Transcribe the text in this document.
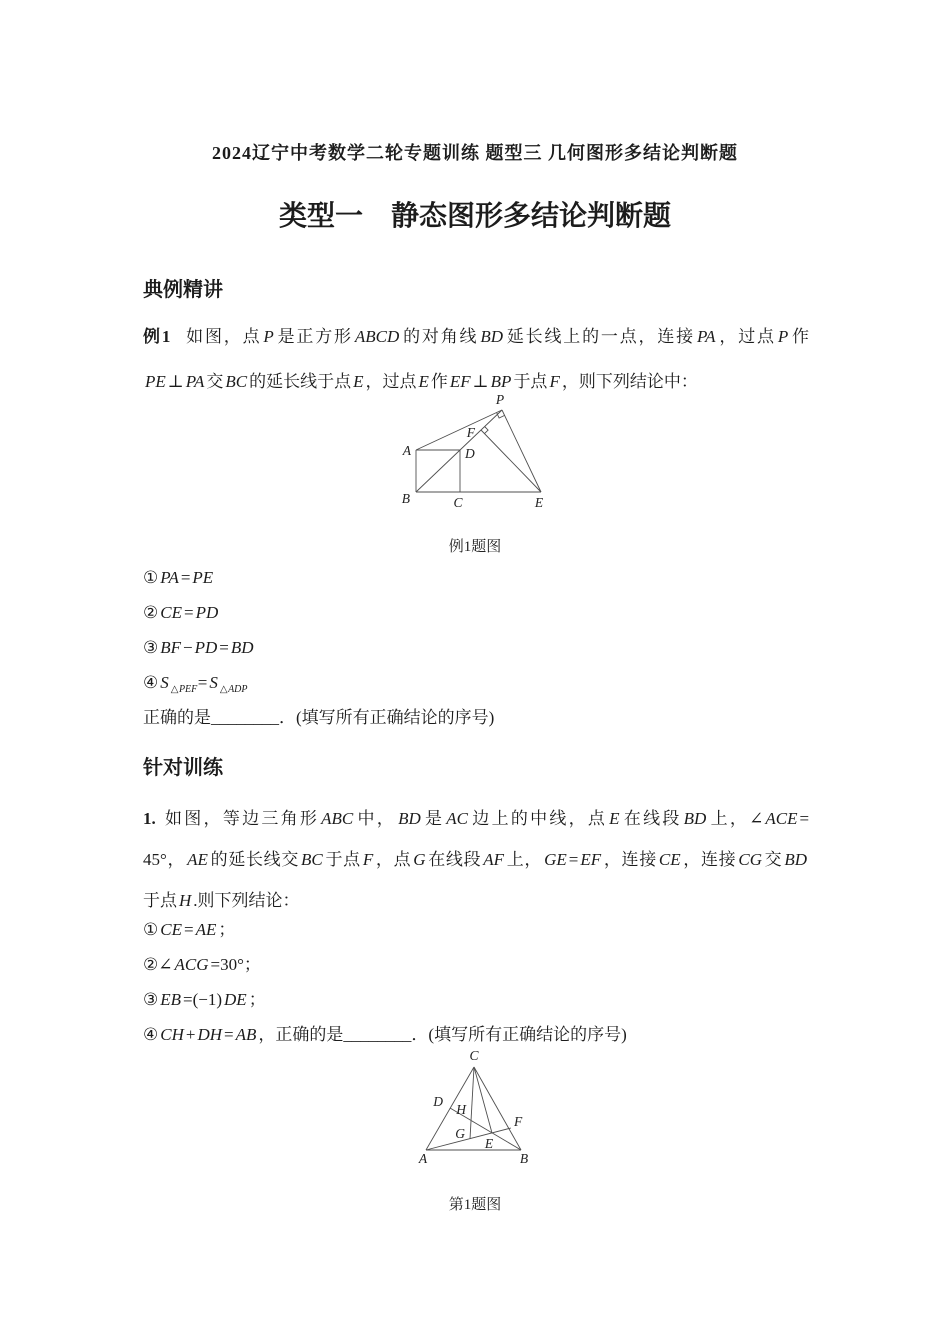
2024辽宁中考数学二轮专题训练 题型三 几何图形多结论判断题
类型一　静态图形多结论判断题
典例精讲
例1 如图，点 P 是正方形 ABCD 的对角线 BD 延长线上的一点，连接 PA ，过点 P 作
PE ⊥ PA 交 BC 的延长线于点 E ，过点 E 作 EF ⊥ BP 于点 F ，则下列结论中：
P
A	D
F
B	C	E
例1题图
① PA = PE
② CE = PD
③ BF − PD = BD
④ S $_{\triangle PEF}$= S $_{\triangle ADP}$
正确的是________．(填写所有正确结论的序号)
针对训练
1. 如图，等边三角形 ABC 中， BD 是 AC 边上的中线，点 E 在线段 BD 上，∠ ACE =
45°， AE 的延长线交 BC 于点 F ，点 G 在线段 AF 上， GE = EF ，连接 CE ，连接 CG 交 BD
于点 H .则下列结论：
① CE = AE ；
②∠ ACG =30°；
③ EB =(−1) DE ；
④ CH + DH = AB ，正确的是________．(填写所有正确结论的序号)
C
A	B
D
H
G
E
F
第1题图
